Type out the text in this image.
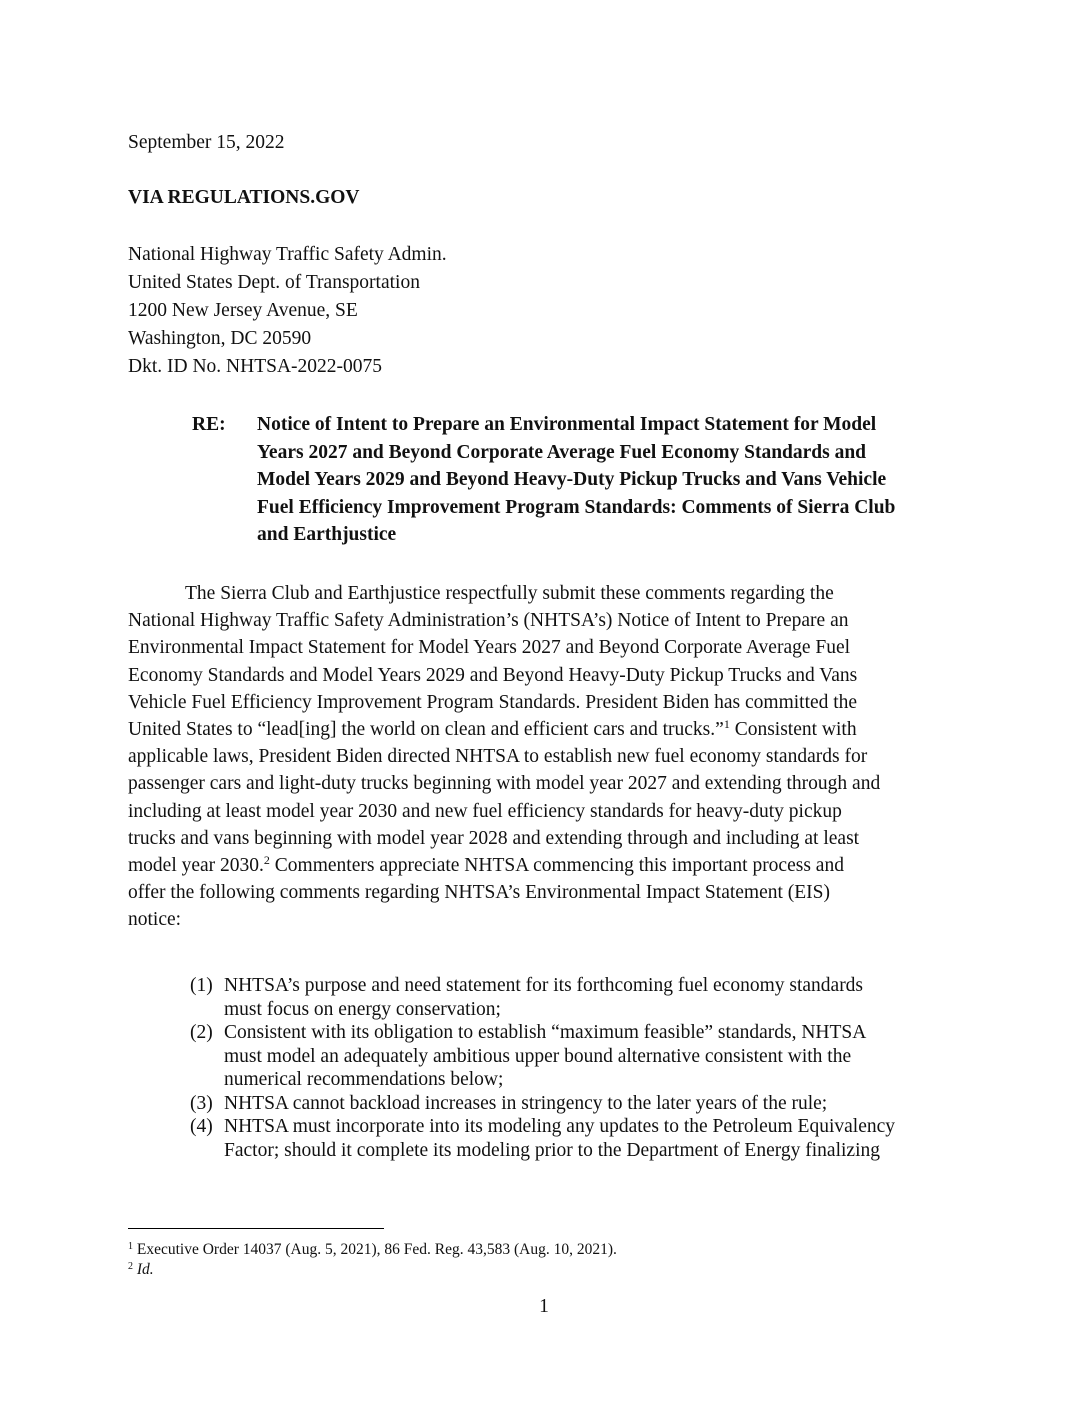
September 15, 2022
VIA REGULATIONS.GOV
National Highway Traffic Safety Admin.
United States Dept. of Transportation
1200 New Jersey Avenue, SE
Washington, DC 20590
Dkt. ID No. NHTSA-2022-0075
RE: Notice of Intent to Prepare an Environmental Impact Statement for Model
Years 2027 and Beyond Corporate Average Fuel Economy Standards and
Model Years 2029 and Beyond Heavy-Duty Pickup Trucks and Vans Vehicle
Fuel Efficiency Improvement Program Standards: Comments of Sierra Club
and Earthjustice
The Sierra Club and Earthjustice respectfully submit these comments regarding the
National Highway Traffic Safety Administration’s (NHTSA’s) Notice of Intent to Prepare an
Environmental Impact Statement for Model Years 2027 and Beyond Corporate Average Fuel
Economy Standards and Model Years 2029 and Beyond Heavy-Duty Pickup Trucks and Vans
Vehicle Fuel Efficiency Improvement Program Standards. President Biden has committed the
United States to “lead[ing] the world on clean and efficient cars and trucks.”$^1$ Consistent with
applicable laws, President Biden directed NHTSA to establish new fuel economy standards for
passenger cars and light-duty trucks beginning with model year 2027 and extending through and
including at least model year 2030 and new fuel efficiency standards for heavy-duty pickup
trucks and vans beginning with model year 2028 and extending through and including at least
model year 2030.$^2$ Commenters appreciate NHTSA commencing this important process and
offer the following comments regarding NHTSA’s Environmental Impact Statement (EIS)
notice:
(1) NHTSA’s purpose and need statement for its forthcoming fuel economy standards
must focus on energy conservation;
(2) Consistent with its obligation to establish “maximum feasible” standards, NHTSA
must model an adequately ambitious upper bound alternative consistent with the
numerical recommendations below;
(3) NHTSA cannot backload increases in stringency to the later years of the rule;
(4) NHTSA must incorporate into its modeling any updates to the Petroleum Equivalency
Factor; should it complete its modeling prior to the Department of Energy finalizing
$^1$ Executive Order 14037 (Aug. 5, 2021), 86 Fed. Reg. 43,583 (Aug. 10, 2021).
$^2$ Id.
1
